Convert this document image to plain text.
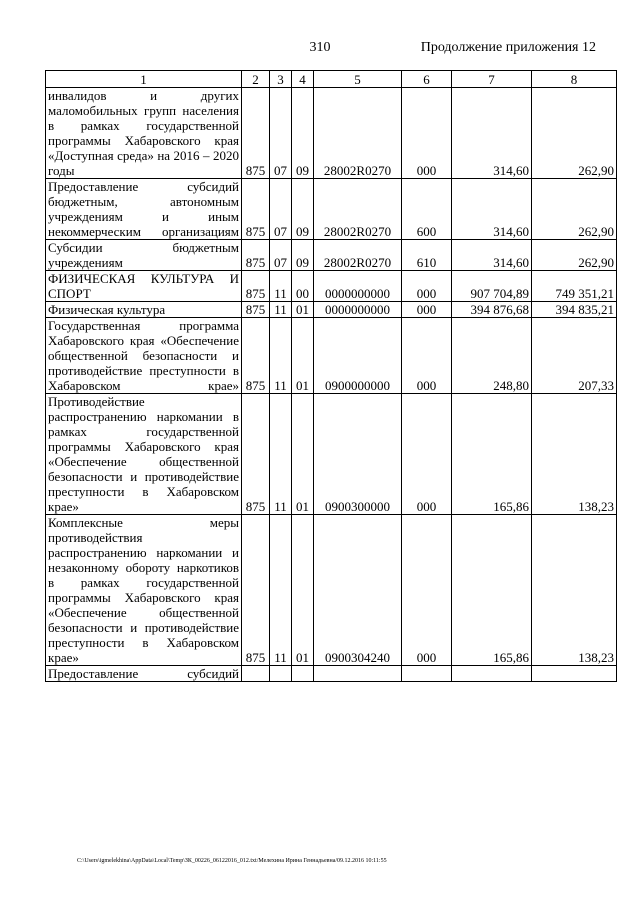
310	Продолжение приложения 12
1	2	3	4	5	6	7	8
инвалидов и других маломобильных групп населения в рамках государственной программы Хабаровского края «Доступная среда» на 2016 – 2020 годы	875	07	09	28002R0270	000	314,60	262,90
Предоставление субсидий бюджетным, автономным учреждениям и иным некоммерческим организациям	875	07	09	28002R0270	600	314,60	262,90
Субсидии бюджетным учреждениям	875	07	09	28002R0270	610	314,60	262,90
ФИЗИЧЕСКАЯ КУЛЬТУРА И СПОРТ	875	11	00	0000000000	000	907 704,89	749 351,21
Физическая культура	875	11	01	0000000000	000	394 876,68	394 835,21
Государственная программа Хабаровского края «Обеспечение общественной безопасности и противодействие преступности в Хабаровском крае»	875	11	01	0900000000	000	248,80	207,33
Противодействие распространению наркомании в рамках государственной программы Хабаровского края «Обеспечение общественной безопасности и противодействие преступности в Хабаровском крае»	875	11	01	0900300000	000	165,86	138,23
Комплексные меры противодействия распространению наркомании и незаконному обороту наркотиков в рамках государственной программы Хабаровского края «Обеспечение общественной безопасности и противодействие преступности в Хабаровском крае»	875	11	01	0900304240	000	165,86	138,23
Предоставление субсидий							
C:\Users\igmelekhina\AppData\Local\Temp\ЗК_00226_06122016_012.txt/Мелехина Ирина Геннадьевна/09.12.2016 10:11:55
